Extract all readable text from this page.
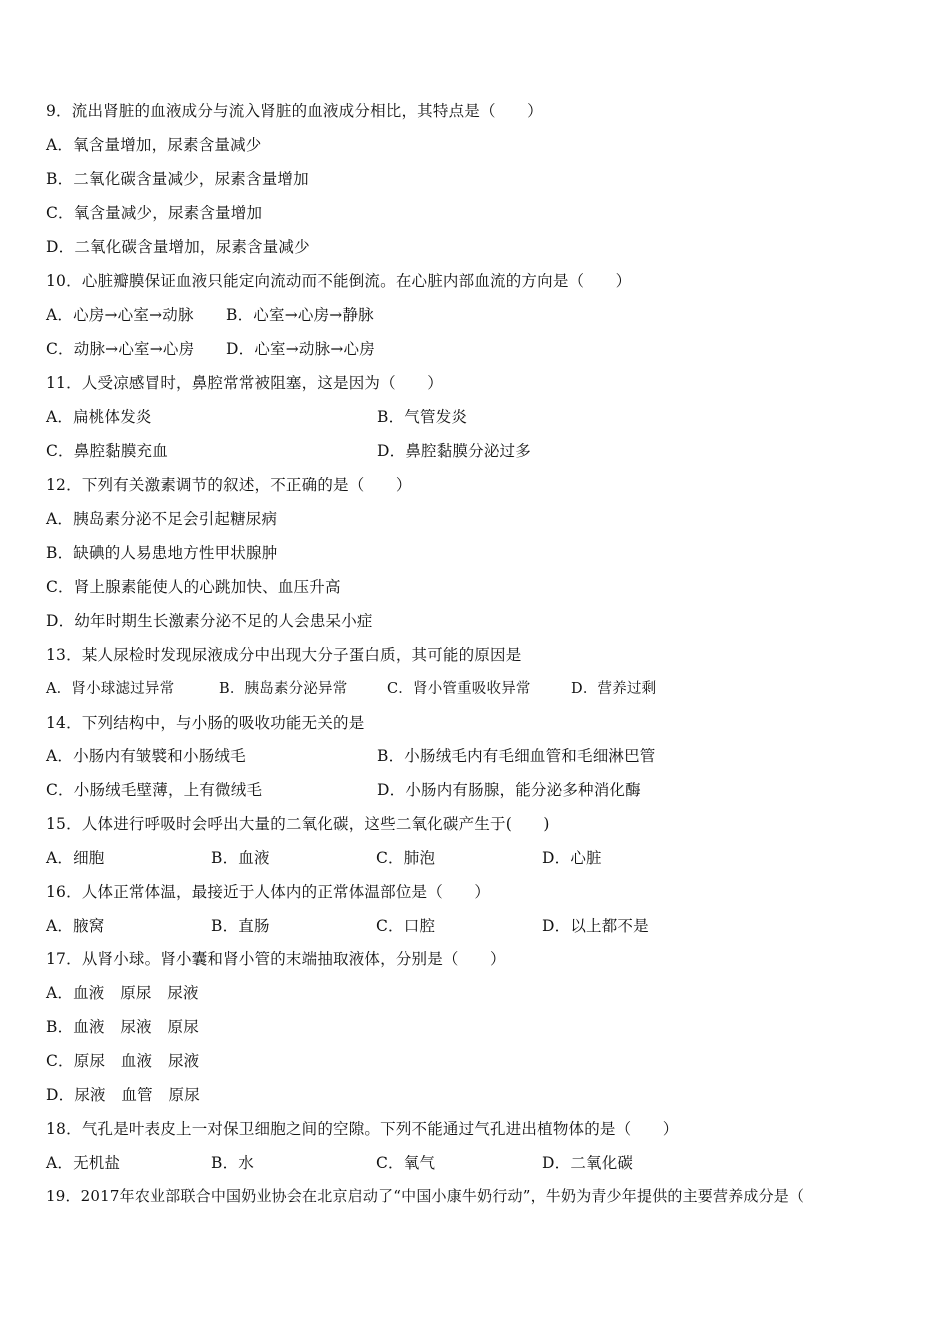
9．流出肾脏的血液成分与流入肾脏的血液成分相比，其特点是（　　）
A．氧含量增加，尿素含量减少
B．二氧化碳含量减少，尿素含量增加
C．氧含量减少，尿素含量增加
D．二氧化碳含量增加，尿素含量减少
10．心脏瓣膜保证血液只能定向流动而不能倒流。在心脏内部血流的方向是（　　）
A．心房→心室→动脉 B．心室→心房→静脉
C．动脉→心室→心房 D．心室→动脉→心房
11．人受凉感冒时，鼻腔常常被阻塞，这是因为（　　）
A．扁桃体发炎	B．气管发炎
C．鼻腔黏膜充血	D．鼻腔黏膜分泌过多
12．下列有关激素调节的叙述，不正确的是（　　）
A．胰岛素分泌不足会引起糖尿病
B．缺碘的人易患地方性甲状腺肿
C．肾上腺素能使人的心跳加快、血压升高
D．幼年时期生长激素分泌不足的人会患呆小症
13．某人尿检时发现尿液成分中出现大分子蛋白质，其可能的原因是
A．肾小球滤过异常	B．胰岛素分泌异常	C．肾小管重吸收异常	D．营养过剩
14．下列结构中，与小肠的吸收功能无关的是
A．小肠内有皱襞和小肠绒毛	B．小肠绒毛内有毛细血管和毛细淋巴管
C．小肠绒毛壁薄，上有微绒毛	D．小肠内有肠腺，能分泌多种消化酶
15．人体进行呼吸时会呼出大量的二氧化碳，这些二氧化碳产生于(　　)
A．细胞	B．血液	C．肺泡	D．心脏
16．人体正常体温，最接近于人体内的正常体温部位是（　　）
A．腋窝	B．直肠	C．口腔	D．以上都不是
17．从肾小球。肾小囊和肾小管的末端抽取液体，分别是（　　）
A．血液　原尿　尿液
B．血液　尿液　原尿
C．原尿　血液　尿液
D．尿液　血管　原尿
18．气孔是叶表皮上一对保卫细胞之间的空隙。下列不能通过气孔进出植物体的是（　　）
A．无机盐	B．水	C．氧气	D．二氧化碳
19．2017年农业部联合中国奶业协会在北京启动了“中国小康牛奶行动”，牛奶为青少年提供的主要营养成分是（
